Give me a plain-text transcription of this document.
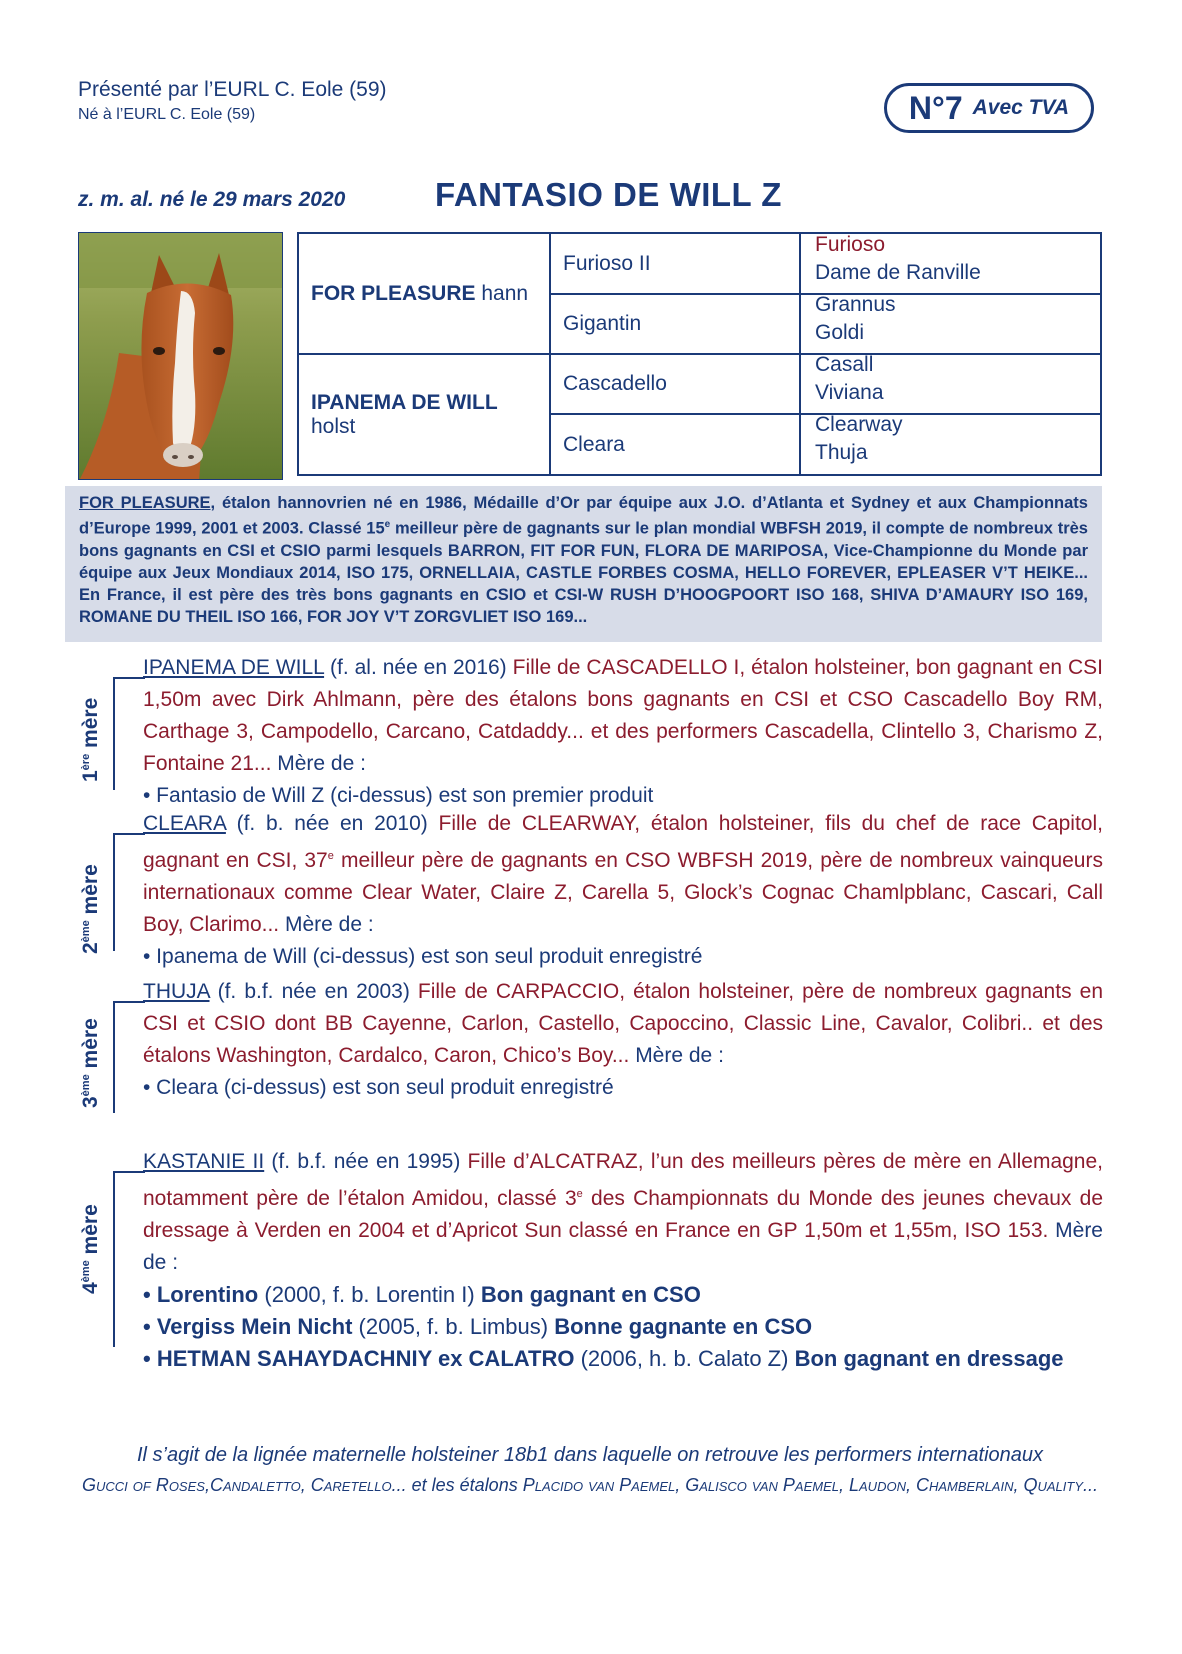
Présenté par l’EURL C. Eole (59)
Né à l’EURL C. Eole (59)	N°7 Avec TVA
z. m. al. né le 29 mars 2020	FANTASIO DE WILL Z
FOR PLEASURE hann
IPANEMA DE WILL holst
Furioso II
Gigantin
Cascadello
Cleara
Furioso
Dame de Ranville
Grannus
Goldi
Casall
Viviana
Clearway
Thuja
FOR PLEASURE, étalon hannovrien né en 1986, Médaille d’Or par équipe aux J.O. d’Atlanta et Sydney et aux Championnats d’Europe 1999, 2001 et 2003. Classé 15e meilleur père de gagnants sur le plan mondial WBFSH 2019, il compte de nombreux très bons gagnants en CSI et CSIO parmi lesquels BARRON, FIT FOR FUN, FLORA DE MARIPOSA, Vice-Championne du Monde par équipe aux Jeux Mondiaux 2014, ISO 175, ORNELLAIA, CASTLE FORBES COSMA, HELLO FOREVER, EPLEASER V’T HEIKE... En France, il est père des très bons gagnants en CSIO et CSI-W RUSH D’HOOGPOORT ISO 168, SHIVA D’AMAURY ISO 169, ROMANE DU THEIL ISO 166, FOR JOY V’T ZORGVLIET ISO 169...
1ère mère
IPANEMA DE WILL (f. al. née en 2016) Fille de CASCADELLO I, étalon holsteiner, bon gagnant en CSI 1,50m avec Dirk Ahlmann, père des étalons bons gagnants en CSI et CSO Cascadello Boy RM, Carthage 3, Campodello, Carcano, Catdaddy... et des performers Cascadella, Clintello 3, Charismo Z, Fontaine 21... Mère de :
• Fantasio de Will Z (ci-dessus) est son premier produit
2ème mère
CLEARA (f. b. née en 2010) Fille de CLEARWAY, étalon holsteiner, fils du chef de race Capitol, gagnant en CSI, 37e meilleur père de gagnants en CSO WBFSH 2019, père de nombreux vainqueurs internationaux comme Clear Water, Claire Z, Carella 5, Glock’s Cognac Chamlpblanc, Cascari, Call Boy, Clarimo... Mère de :
• Ipanema de Will (ci-dessus) est son seul produit enregistré
3ème mère
THUJA (f. b.f. née en 2003) Fille de CARPACCIO, étalon holsteiner, père de nombreux gagnants en CSI et CSIO dont BB Cayenne, Carlon, Castello, Capoccino, Classic Line, Cavalor, Colibri.. et des étalons Washington, Cardalco, Caron, Chico’s Boy... Mère de :
• Cleara (ci-dessus) est son seul produit enregistré
4ème mère
KASTANIE II (f. b.f. née en 1995) Fille d’ALCATRAZ, l’un des meilleurs pères de mère en Allemagne, notamment père de l’étalon Amidou, classé 3e des Championnats du Monde des jeunes chevaux de dressage à Verden en 2004 et d’Apricot Sun classé en France en GP 1,50m et 1,55m, ISO 153. Mère de :
• Lorentino (2000, f. b. Lorentin I) Bon gagnant en CSO
• Vergiss Mein Nicht (2005, f. b. Limbus) Bonne gagnante en CSO
• HETMAN SAHAYDACHNIY ex CALATRO (2006, h. b. Calato Z) Bon gagnant en dressage
Il s’agit de la lignée maternelle holsteiner 18b1 dans laquelle on retrouve les performers internationaux
Gucci of Roses,Candaletto, Caretello... et les étalons Placido van Paemel, Galisco van Paemel, Laudon, Chamberlain, Quality...
